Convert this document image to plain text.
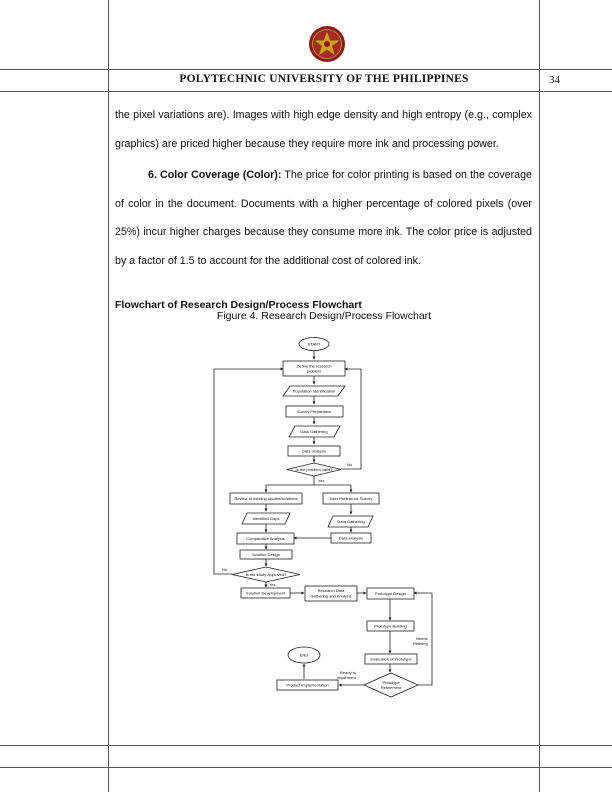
POLYTECHNIC UNIVERSITY OF THE PHILIPPINES	34

the pixel variations are). Images with high edge density and high entropy (e.g., complex graphics) are priced higher because they require more ink and processing power.

6. Color Coverage (Color): The price for color printing is based on the coverage of color in the document. Documents with a higher percentage of colored pixels (over 25%) incur higher charges because they consume more ink. The color price is adjusted by a factor of 1.5 to account for the additional cost of colored ink.

Flowchart of Research Design/Process Flowchart
Figure 4. Research Design/Process Flowchart
START
Define the research
problem
Population Identification
Survey Preparation
Data Gathering
Data analysis
Is the problem valid?
No
Yes
Review of existing studies/solutions	User Preference Survey
Identified Gaps
Data Gathering
Comparative Analysis	Data analysis
Solution Design
Is the study approved?
No
Yes
Solution Development	Research Data
Gathering and Analysis	Prototype Design
Prototype Building
Needs
Refining
Evaluation of Prototype
Prototype
Refinement
Ready to
Implement
END
Product Implementation
